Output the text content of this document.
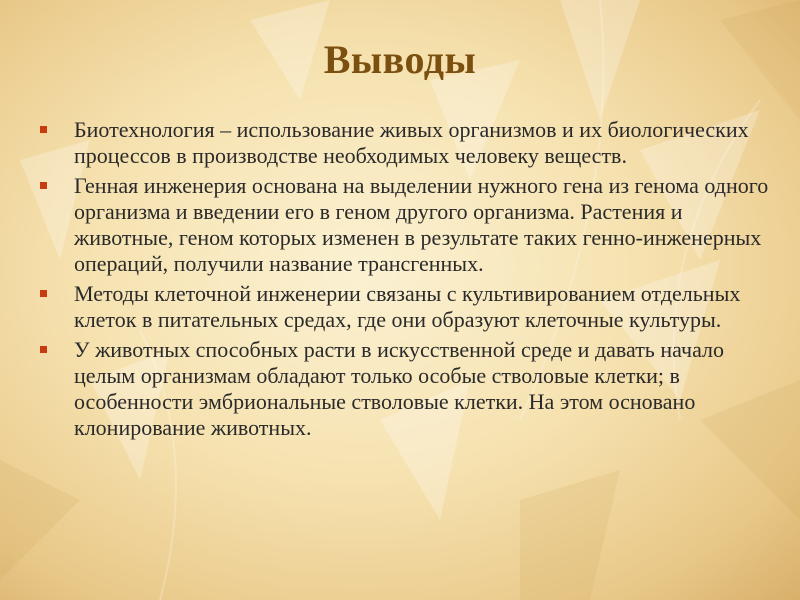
Выводы
Биотехнология – использование живых организмов и их биологических процессов в производстве необходимых человеку веществ.
Генная инженерия основана на выделении нужного гена из генома одного организма и введении его в геном другого организма. Растения и животные, геном которых изменен в результате таких генно-инженерных операций, получили название трансгенных.
Методы клеточной инженерии связаны с культивированием отдельных клеток в питательных средах, где они образуют клеточные культуры.
У животных способных расти в искусственной среде и давать начало целым организмам обладают только особые стволовые клетки; в особенности эмбриональные стволовые клетки. На этом основано клонирование животных.
